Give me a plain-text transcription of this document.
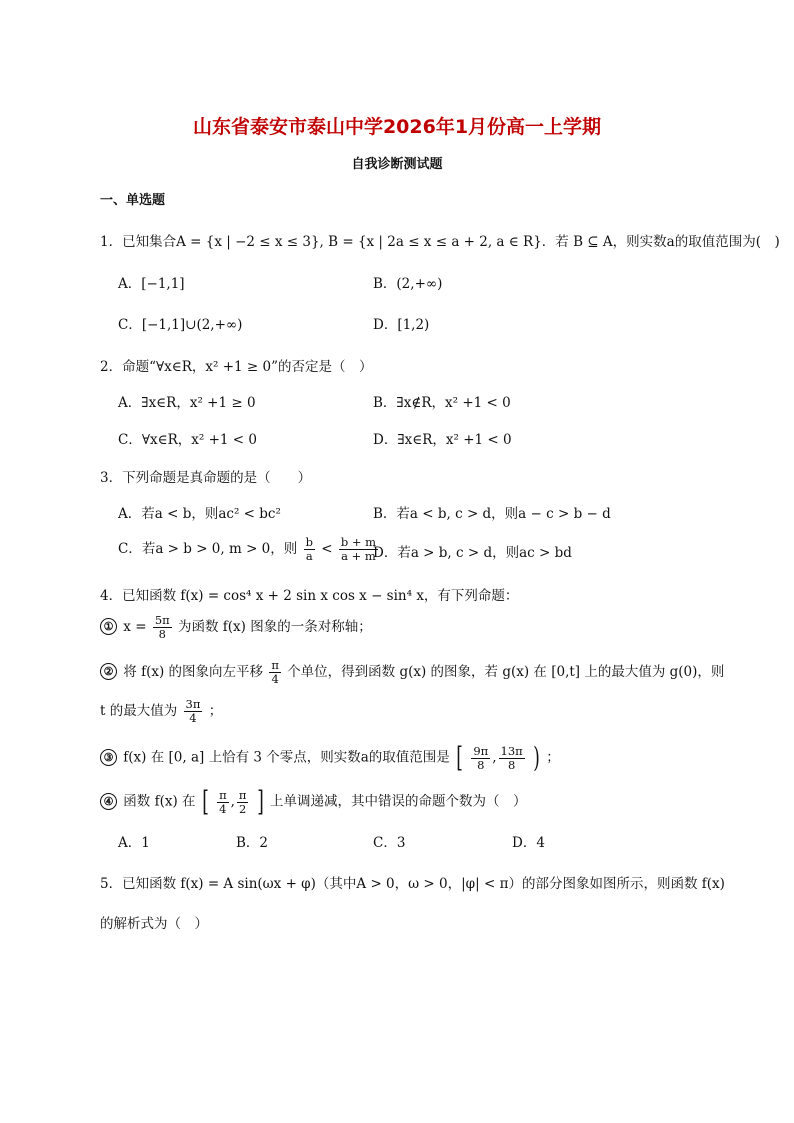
山东省泰安市泰山中学2026年1月份高一上学期
自我诊断测试题
一、单选题
1．已知集合A = {x | −2 ≤ x ≤ 3}, B = {x | 2a ≤ x ≤ a + 2, a ∈ R}．若 B ⊆ A，则实数a的取值范围为(　)
A．[−1,1]	B．(2,+∞)
C．[−1,1]∪(2,+∞)	D．[1,2)
2．命题“∀x∈R，x² +1 ≥ 0”的否定是（　）
A．∃x∈R，x² +1 ≥ 0	B．∃x∉R，x² +1 < 0
C．∀x∈R，x² +1 < 0	D．∃x∈R，x² +1 < 0
3．下列命题是真命题的是（　　）
A．若a < b，则ac² < bc²	B．若a < b, c > d，则a − c > b − d
C．若a > b > 0, m > 0，则 $\frac{b}{a} < \frac{b + m}{a + m}$
D．若a > b, c > d，则ac > bd
4．已知函数 f(x) = cos⁴ x + 2 sin x cos x − sin⁴ x，有下列命题：
① $x = \frac{5\pi}{8}$ 为函数 f(x) 图象的一条对称轴；
② 将 f(x) 的图象向左平移 $\frac{\pi}{4}$ 个单位，得到函数 g(x) 的图象，若 g(x) 在 [0,t] 上的最大值为 g(0)，则
t 的最大值为 $\frac{3\pi}{4}$ ；
③ f(x) 在 [0, a] 上恰有 3 个零点，则实数a的取值范围是 [ $\frac{9\pi}{8}$ , $\frac{13\pi}{8}$ ) ；
④ 函数 f(x) 在 [ $\frac{\pi}{4}$ , $\frac{\pi}{2}$ ] 上单调递减，其中错误的命题个数为（　）
A．1	B．2	C．3	D．4
5．已知函数 f(x) = A sin(ωx + φ)（其中A > 0，ω > 0，|φ| < π）的部分图象如图所示，则函数 f(x)
的解析式为（　）
